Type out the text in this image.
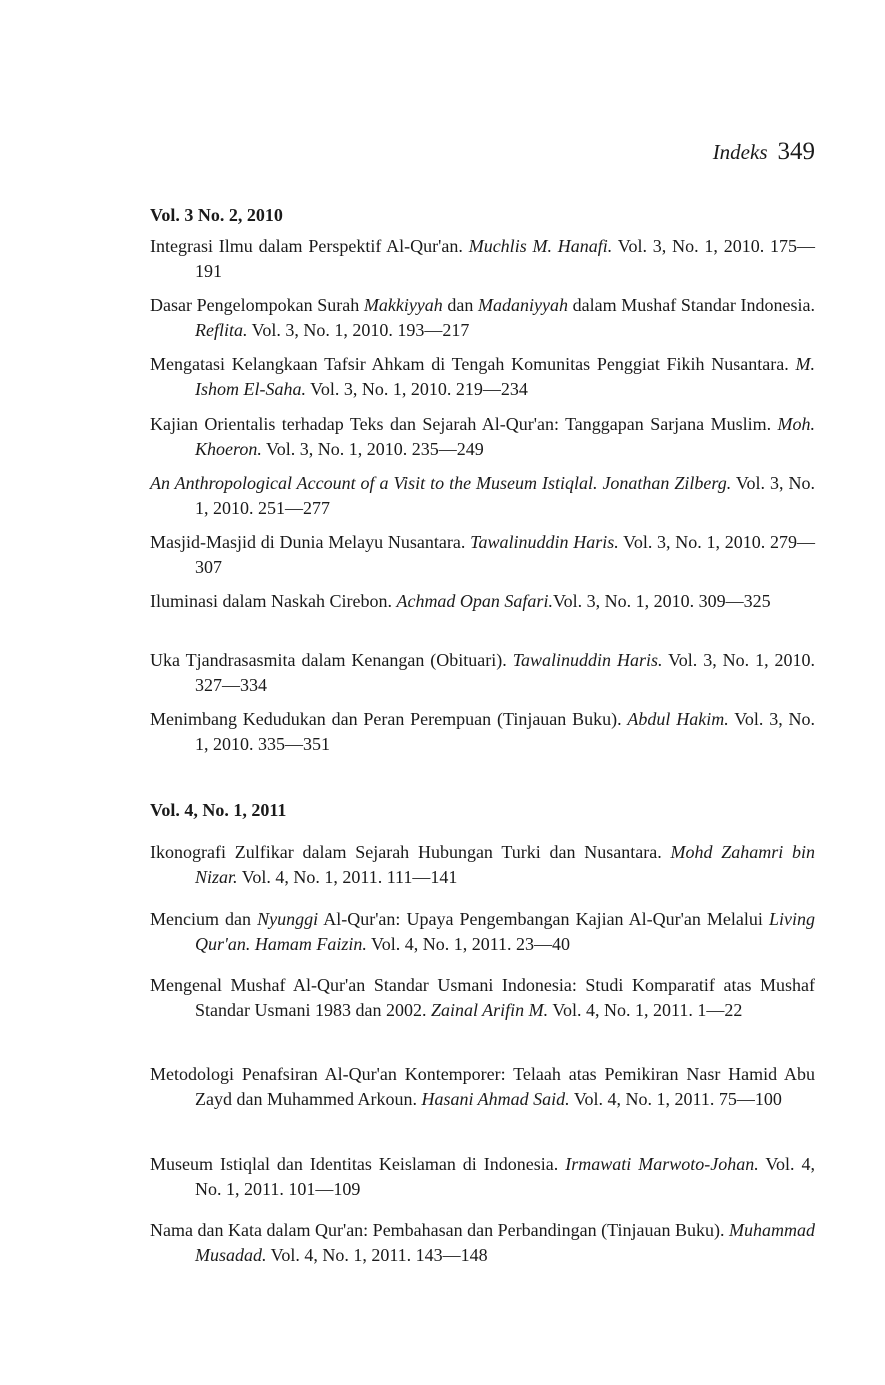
Indeks 349
Vol. 3 No. 2, 2010
Integrasi Ilmu dalam Perspektif Al-Qur'an. Muchlis M. Hanafi. Vol. 3, No. 1, 2010. 175—191
Dasar Pengelompokan Surah Makkiyyah dan Madaniyyah dalam Mushaf Standar Indonesia. Reflita. Vol. 3, No. 1, 2010. 193—217
Mengatasi Kelangkaan Tafsir Ahkam di Tengah Komunitas Penggiat Fikih Nusantara. M. Ishom El-Saha. Vol. 3, No. 1, 2010. 219—234
Kajian Orientalis terhadap Teks dan Sejarah Al-Qur'an: Tanggapan Sarjana Muslim. Moh. Khoeron. Vol. 3, No. 1, 2010. 235—249
An Anthropological Account of a Visit to the Museum Istiqlal. Jonathan Zilberg. Vol. 3, No. 1, 2010. 251—277
Masjid-Masjid di Dunia Melayu Nusantara. Tawalinuddin Haris. Vol. 3, No. 1, 2010. 279—307
Iluminasi dalam Naskah Cirebon. Achmad Opan Safari.Vol. 3, No. 1, 2010. 309—325
Uka Tjandrasasmita dalam Kenangan (Obituari). Tawalinuddin Haris. Vol. 3, No. 1, 2010. 327—334
Menimbang Kedudukan dan Peran Perempuan (Tinjauan Buku). Abdul Hakim. Vol. 3, No. 1, 2010. 335—351
Vol. 4, No. 1, 2011
Ikonografi Zulfikar dalam Sejarah Hubungan Turki dan Nusantara. Mohd Zahamri bin Nizar. Vol. 4, No. 1, 2011. 111—141
Mencium dan Nyunggi Al-Qur'an: Upaya Pengembangan Kajian Al-Qur'an Melalui Living Qur'an. Hamam Faizin. Vol. 4, No. 1, 2011. 23—40
Mengenal Mushaf Al-Qur'an Standar Usmani Indonesia: Studi Komparatif atas Mushaf Standar Usmani 1983 dan 2002. Zainal Arifin M. Vol. 4, No. 1, 2011. 1—22
Metodologi Penafsiran Al-Qur'an Kontemporer: Telaah atas Pemikiran Nasr Hamid Abu Zayd dan Muhammed Arkoun. Hasani Ahmad Said. Vol. 4, No. 1, 2011. 75—100
Museum Istiqlal dan Identitas Keislaman di Indonesia. Irmawati Marwoto-Johan. Vol. 4, No. 1, 2011. 101—109
Nama dan Kata dalam Qur'an: Pembahasan dan Perbandingan (Tinjauan Buku). Muhammad Musadad. Vol. 4, No. 1, 2011. 143—148
